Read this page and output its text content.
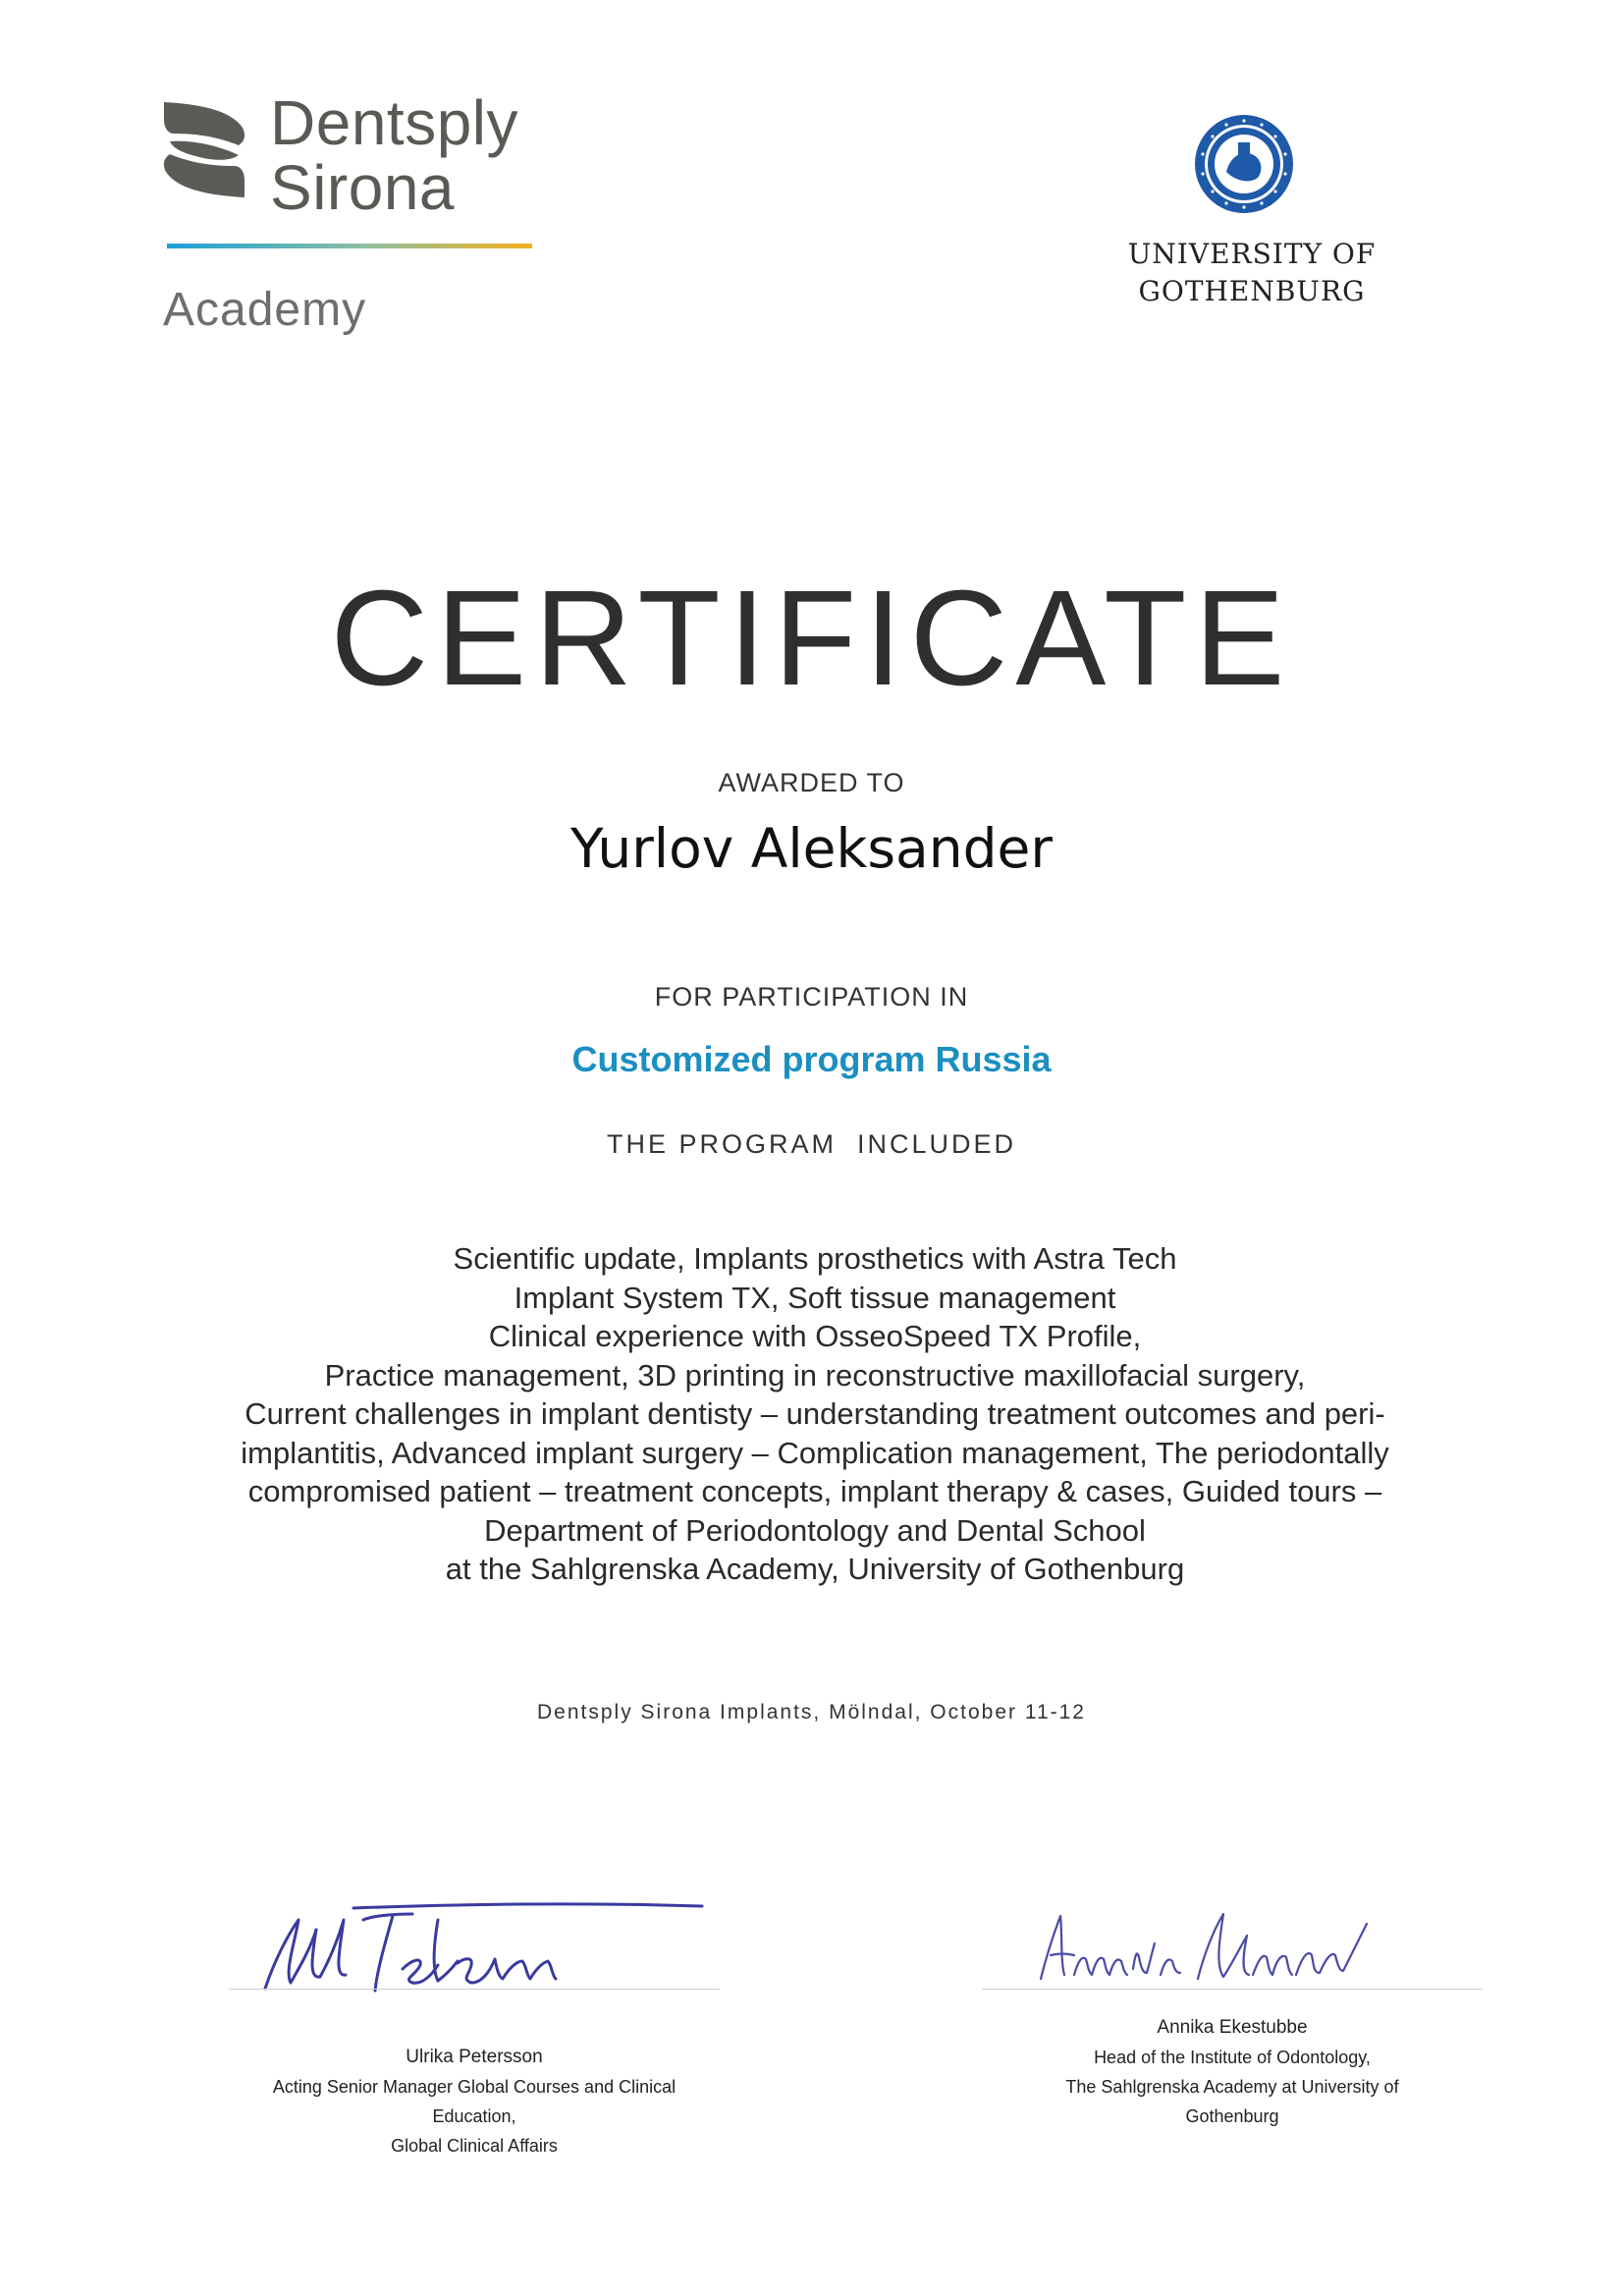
Dentsply
Sirona
Academy
UNIVERSITY OF
GOTHENBURG
CERTIFICATE
AWARDED TO
Yurlov Aleksander
FOR PARTICIPATION IN
Customized program Russia
THE PROGRAM  INCLUDED
Scientific update, Implants prosthetics with Astra Tech
Implant System TX, Soft tissue management
Clinical experience with OsseoSpeed TX Profile,
Practice management, 3D printing in reconstructive maxillofacial surgery,
Current challenges in implant dentisty – understanding treatment outcomes and peri-
implantitis, Advanced implant surgery – Complication management, The periodontally
compromised patient – treatment concepts, implant therapy & cases, Guided tours –
Department of Periodontology and Dental School
at the Sahlgrenska Academy, University of Gothenburg
Dentsply Sirona Implants, Mölndal, October 11-12
Ulrika Petersson
Acting Senior Manager Global Courses and Clinical Education,
Global Clinical Affairs
Annika Ekestubbe
Head of the Institute of Odontology,
The Sahlgrenska Academy at University of
Gothenburg
